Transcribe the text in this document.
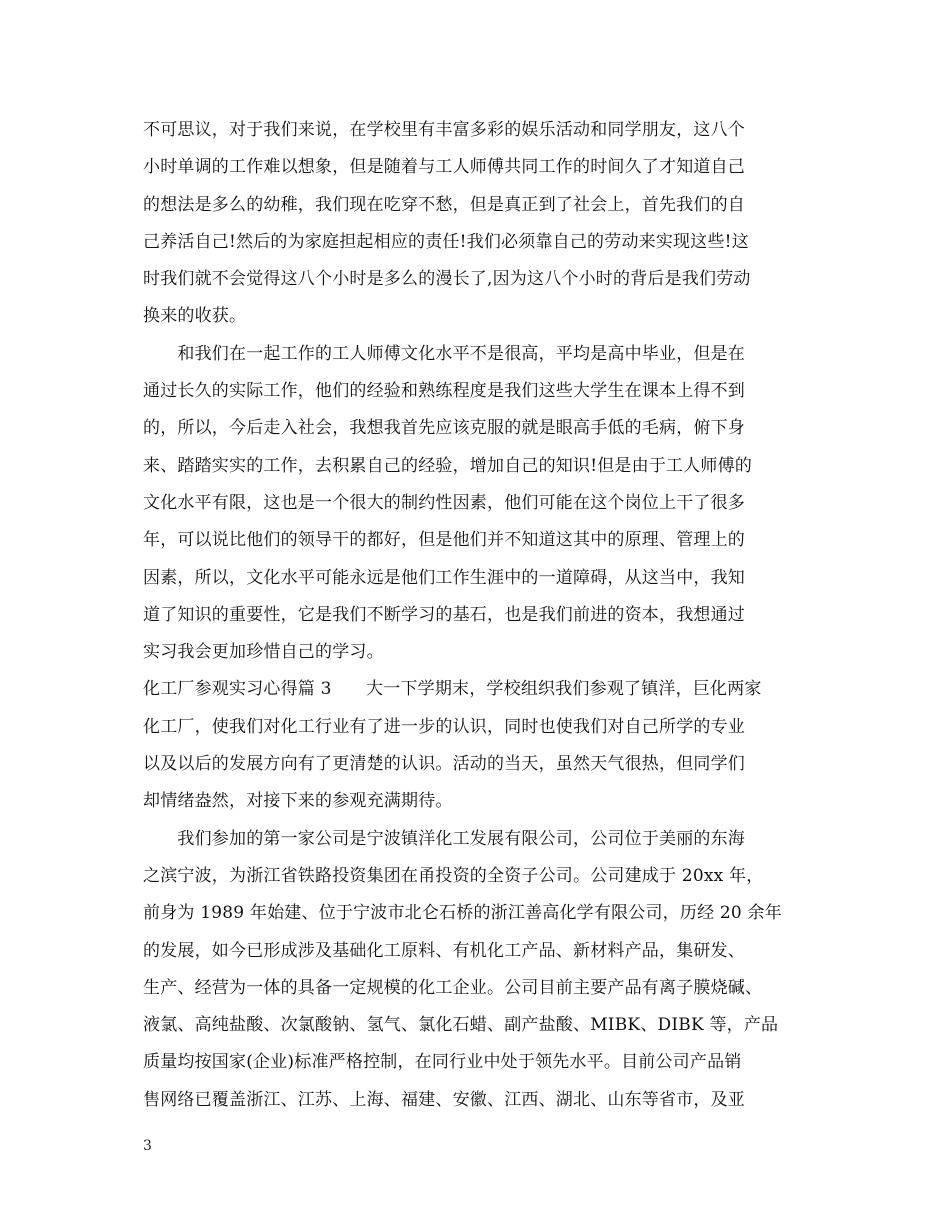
不可思议，对于我们来说，在学校里有丰富多彩的娱乐活动和同学朋友，这八个
小时单调的工作难以想象，但是随着与工人师傅共同工作的时间久了才知道自己
的想法是多么的幼稚，我们现在吃穿不愁，但是真正到了社会上，首先我们的自
己养活自己!然后的为家庭担起相应的责任!我们必须靠自己的劳动来实现这些!这
时我们就不会觉得这八个小时是多么的漫长了,因为这八个小时的背后是我们劳动
换来的收获。
　　和我们在一起工作的工人师傅文化水平不是很高，平均是高中毕业，但是在
通过长久的实际工作，他们的经验和熟练程度是我们这些大学生在课本上得不到
的，所以，今后走入社会，我想我首先应该克服的就是眼高手低的毛病，俯下身
来、踏踏实实的工作，去积累自己的经验，增加自己的知识!但是由于工人师傅的
文化水平有限，这也是一个很大的制约性因素，他们可能在这个岗位上干了很多
年，可以说比他们的领导干的都好，但是他们并不知道这其中的原理、管理上的
因素，所以，文化水平可能永远是他们工作生涯中的一道障碍，从这当中，我知
道了知识的重要性，它是我们不断学习的基石，也是我们前进的资本，我想通过
实习我会更加珍惜自己的学习。
化工厂参观实习心得篇 3　　大一下学期末，学校组织我们参观了镇洋，巨化两家
化工厂，使我们对化工行业有了进一步的认识，同时也使我们对自己所学的专业
以及以后的发展方向有了更清楚的认识。活动的当天，虽然天气很热，但同学们
却情绪盎然，对接下来的参观充满期待。
　　我们参加的第一家公司是宁波镇洋化工发展有限公司，公司位于美丽的东海
之滨宁波，为浙江省铁路投资集团在甬投资的全资子公司。公司建成于 20xx 年，
前身为 1989 年始建、位于宁波市北仑石桥的浙江善高化学有限公司，历经 20 余年
的发展，如今已形成涉及基础化工原料、有机化工产品、新材料产品，集研发、
生产、经营为一体的具备一定规模的化工企业。公司目前主要产品有离子膜烧碱、
液氯、高纯盐酸、次氯酸钠、氢气、氯化石蜡、副产盐酸、MIBK、DIBK 等，产品
质量均按国家(企业)标准严格控制，在同行业中处于领先水平。目前公司产品销
售网络已覆盖浙江、江苏、上海、福建、安徽、江西、湖北、山东等省市，及亚
3
